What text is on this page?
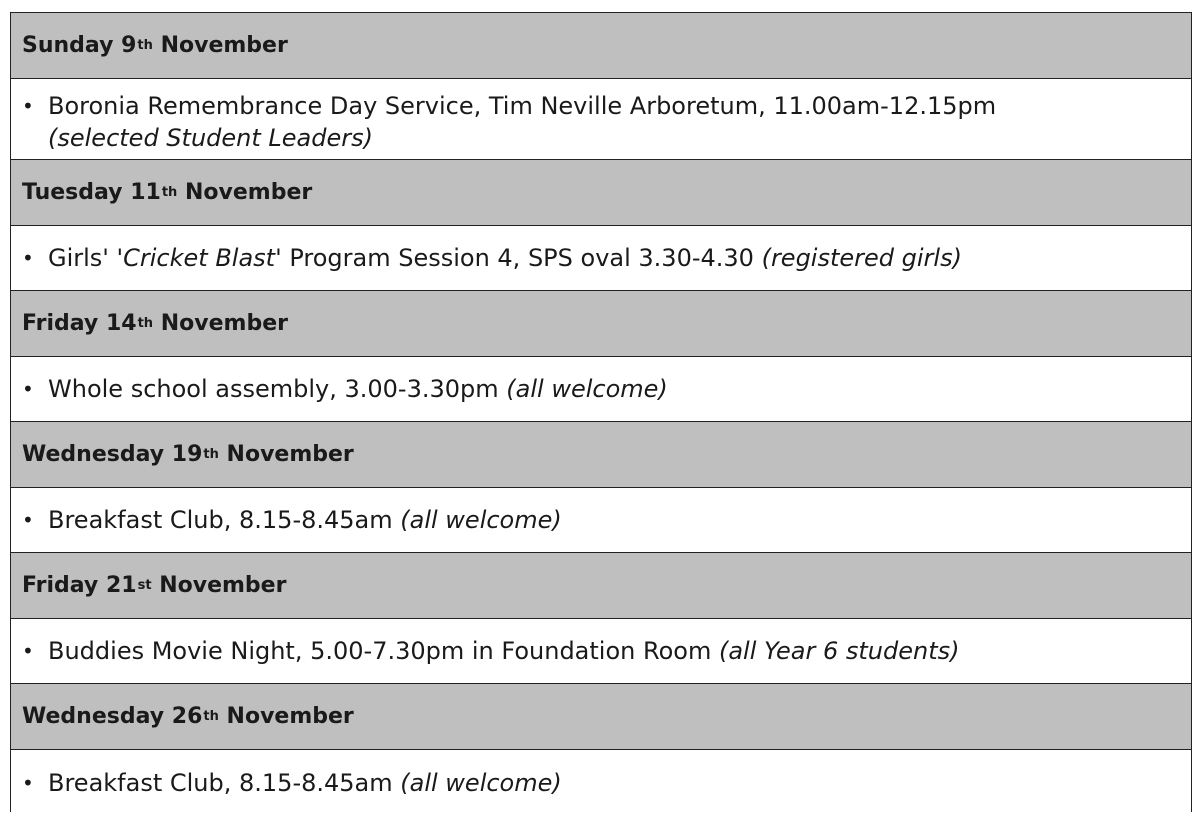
Sunday
9 th
November
• Boronia Remembrance Day Service, Tim Neville Arboretum, 11.00am-12.15pm
(selected Student Leaders)
Tuesday
11 th
November
• Girls' 'Cricket Blast' Program Session 4, SPS oval 3.30-4.30 (registered girls)
Friday
14 th
November
• Whole school assembly, 3.00-3.30pm (all welcome)
Wednesday
19 th
November
• Breakfast Club, 8.15-8.45am (all welcome)
Friday
21 st
November
• Buddies Movie Night, 5.00-7.30pm in Foundation Room (all Year 6 students)
Wednesday
26 th
November
• Breakfast Club, 8.15-8.45am (all welcome)
